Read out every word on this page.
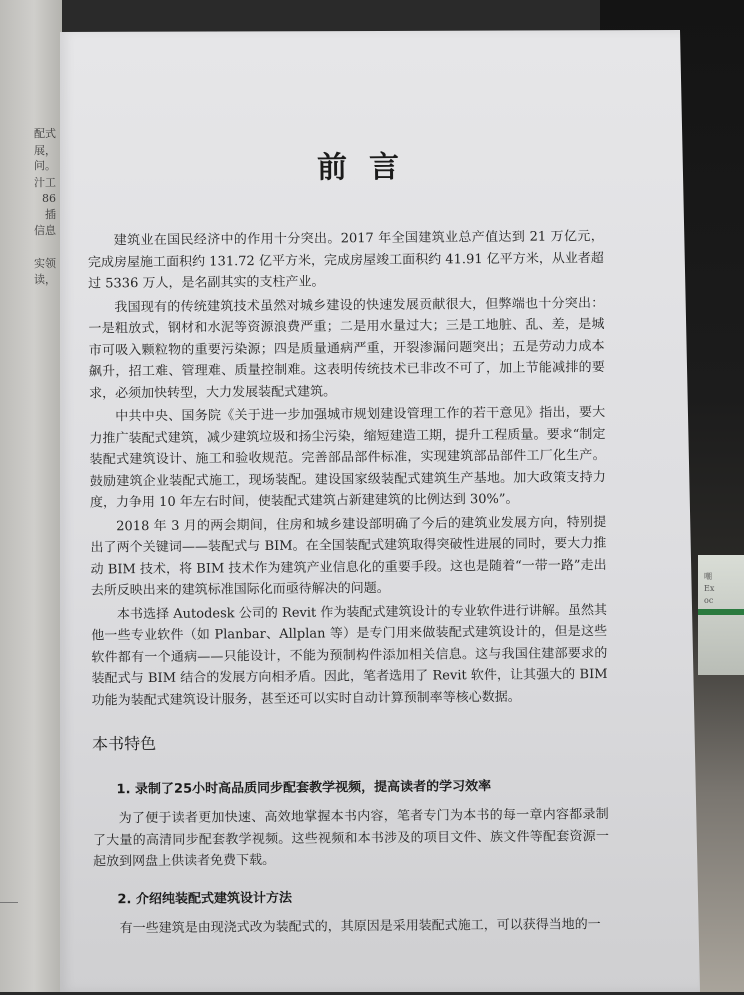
配式
展，
问。
汁工
86
插
信息
实领
读，
嘲
Ex
oc
前言

建筑业在国民经济中的作用十分突出。2017 年全国建筑业总产值达到 21 万亿元，完成房屋施工面积约 131.72 亿平方米，完成房屋竣工面积约 41.91 亿平方米，从业者超过 5336 万人，是名副其实的支柱产业。

我国现有的传统建筑技术虽然对城乡建设的快速发展贡献很大，但弊端也十分突出：一是粗放式，钢材和水泥等资源浪费严重；二是用水量过大；三是工地脏、乱、差，是城市可吸入颗粒物的重要污染源；四是质量通病严重，开裂渗漏问题突出；五是劳动力成本飙升，招工难、管理难、质量控制难。这表明传统技术已非改不可了，加上节能减排的要求，必须加快转型，大力发展装配式建筑。

中共中央、国务院《关于进一步加强城市规划建设管理工作的若干意见》指出，要大力推广装配式建筑，减少建筑垃圾和扬尘污染，缩短建造工期，提升工程质量。要求“制定装配式建筑设计、施工和验收规范。完善部品部件标准，实现建筑部品部件工厂化生产。鼓励建筑企业装配式施工，现场装配。建设国家级装配式建筑生产基地。加大政策支持力度，力争用 10 年左右时间，使装配式建筑占新建建筑的比例达到 30%”。

2018 年 3 月的两会期间，住房和城乡建设部明确了今后的建筑业发展方向，特别提出了两个关键词——装配式与 BIM。在全国装配式建筑取得突破性进展的同时，要大力推动 BIM 技术，将 BIM 技术作为建筑产业信息化的重要手段。这也是随着“一带一路”走出去所反映出来的建筑标准国际化而亟待解决的问题。

本书选择 Autodesk 公司的 Revit 作为装配式建筑设计的专业软件进行讲解。虽然其他一些专业软件（如 Planbar、Allplan 等）是专门用来做装配式建筑设计的，但是这些软件都有一个通病——只能设计，不能为预制构件添加相关信息。这与我国住建部要求的装配式与 BIM 结合的发展方向相矛盾。因此，笔者选用了 Revit 软件，让其强大的 BIM 功能为装配式建筑设计服务，甚至还可以实时自动计算预制率等核心数据。

本书特色
1. 录制了25小时高品质同步配套教学视频，提高读者的学习效率

为了便于读者更加快速、高效地掌握本书内容，笔者专门为本书的每一章内容都录制了大量的高清同步配套教学视频。这些视频和本书涉及的项目文件、族文件等配套资源一起放到网盘上供读者免费下载。

2. 介绍纯装配式建筑设计方法

有一些建筑是由现浇式改为装配式的，其原因是采用装配式施工，可以获得当地的一
